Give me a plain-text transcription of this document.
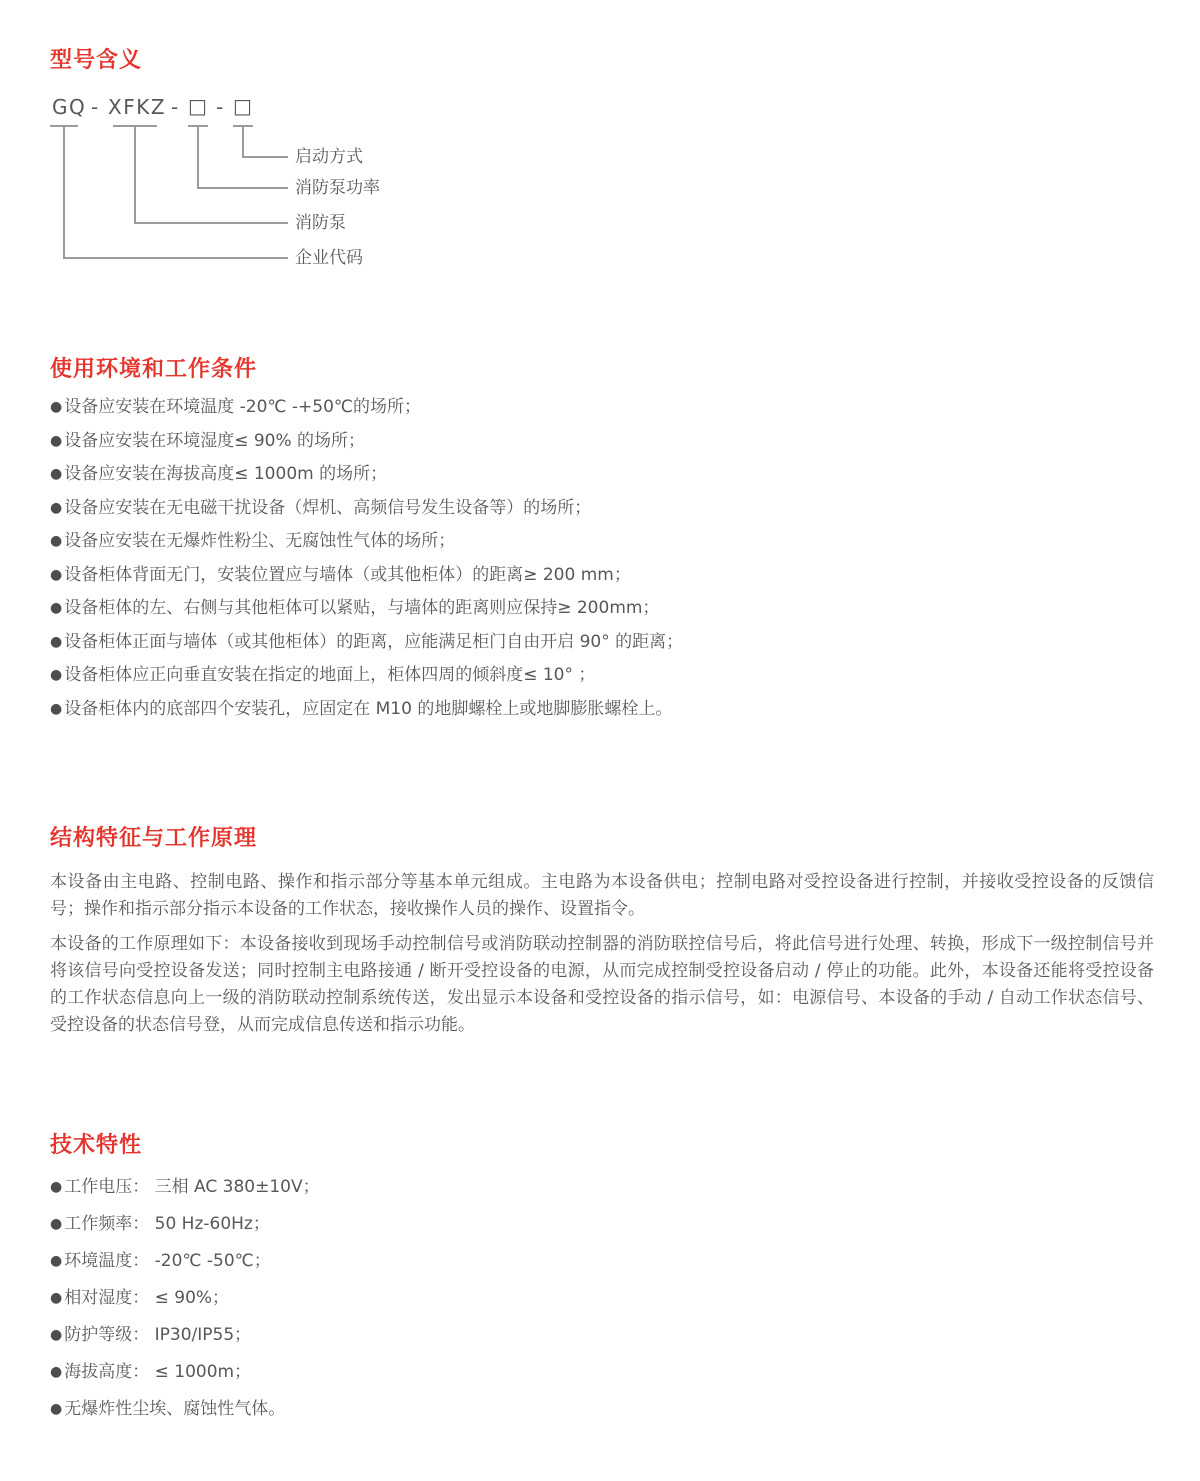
型号含义
GQ - XFKZ - □ - □
启动方式
消防泵功率
消防泵
企业代码
使用环境和工作条件
● 设备应安装在环境温度 -20℃ -+50℃的场所；
● 设备应安装在环境湿度≤ 90% 的场所；
● 设备应安装在海拔高度≤ 1000m 的场所；
● 设备应安装在无电磁干扰设备（焊机、高频信号发生设备等）的场所；
● 设备应安装在无爆炸性粉尘、无腐蚀性气体的场所；
● 设备柜体背面无门，安装位置应与墙体（或其他柜体）的距离≥ 200 mm；
● 设备柜体的左、右侧与其他柜体可以紧贴，与墙体的距离则应保持≥ 200mm；
● 设备柜体正面与墙体（或其他柜体）的距离，应能满足柜门自由开启 90° 的距离；
● 设备柜体应正向垂直安装在指定的地面上，柜体四周的倾斜度≤ 10° ；
● 设备柜体内的底部四个安装孔，应固定在 M10 的地脚螺栓上或地脚膨胀螺栓上。
结构特征与工作原理

本设备由主电路、控制电路、操作和指示部分等基本单元组成。主电路为本设备供电；控制电路对受控设备进行控制，并接收受控设备的反馈信号；操作和指示部分指示本设备的工作状态，接收操作人员的操作、设置指令。

本设备的工作原理如下：本设备接收到现场手动控制信号或消防联动控制器的消防联控信号后，将此信号进行处理、转换，形成下一级控制信号并将该信号向受控设备发送；同时控制主电路接通 / 断开受控设备的电源，从而完成控制受控设备启动 / 停止的功能。此外，本设备还能将受控设备的工作状态信息向上一级的消防联动控制系统传送，发出显示本设备和受控设备的指示信号，如：电源信号、本设备的手动 / 自动工作状态信号、受控设备的状态信号登，从而完成信息传送和指示功能。

技术特性
● 工作电压： 三相 AC 380±10V；
● 工作频率： 50 Hz-60Hz；
● 环境温度： -20℃ -50℃；
● 相对湿度： ≤ 90%；
● 防护等级： IP30/IP55；
● 海拔高度： ≤ 1000m；
● 无爆炸性尘埃、腐蚀性气体。
